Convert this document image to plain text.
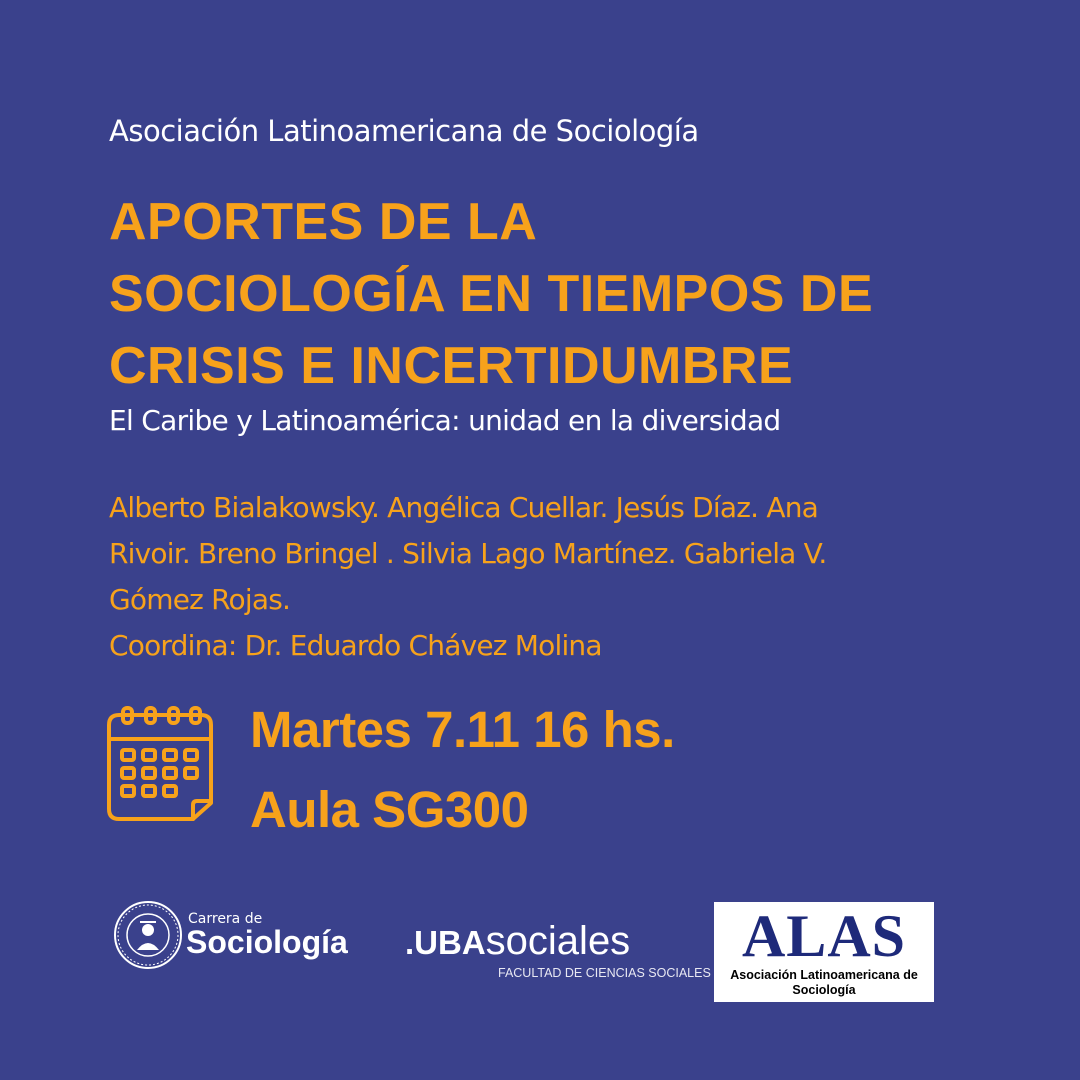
Asociación Latinoamericana de Sociología
APORTES DE LA
SOCIOLOGÍA EN TIEMPOS DE
CRISIS E INCERTIDUMBRE
El Caribe y Latinoamérica: unidad en la diversidad
Alberto Bialakowsky. Angélica Cuellar. Jesús Díaz. Ana
Rivoir. Breno Bringel . Silvia Lago Martínez. Gabriela V.
Gómez Rojas.
Coordina: Dr. Eduardo Chávez Molina
Martes 7.11 16 hs.
Aula SG300
Carrera de
Sociología .UBAsociales
FACULTAD DE CIENCIAS SOCIALES
ALAS
Asociación Latinoamericana de
Sociología
